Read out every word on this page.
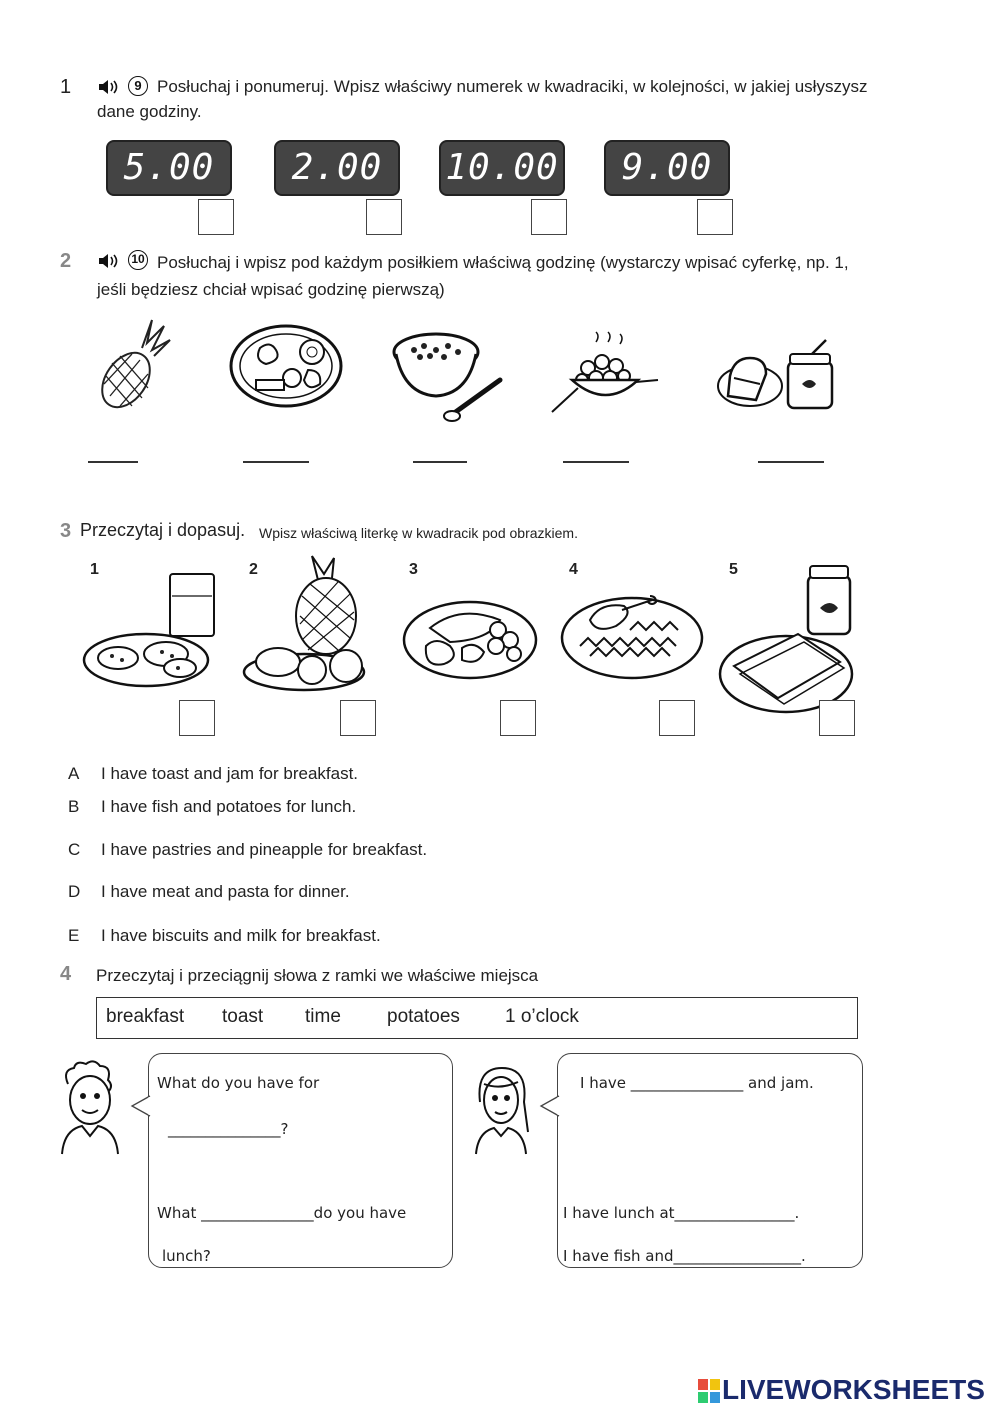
1	9 Posłuchaj i ponumeruj. Wpisz właściwy numerek w kwadraciki, w kolejności, w jakiej usłyszysz
dane godziny.
5.00	2.00	10.00	9.00
2	10 Posłuchaj i wpisz pod każdym posiłkiem właściwą godzinę (wystarczy wpisać cyferkę, np. 1,
jeśli będziesz chciał wpisać godzinę pierwszą)
3 Przeczytaj i dopasuj. Wpisz właściwą literkę w kwadracik pod obrazkiem.
1	2	3	4	5
A	I have toast and jam for breakfast.
B	I have fish and potatoes for lunch.
C	I have pastries and pineapple for breakfast.
D	I have meat and pasta for dinner.
E	I have biscuits and milk for breakfast.
4 Przeczytaj i przeciągnij słowa z ramki we właściwe miejsca
breakfast toast time potatoes 1 o’clock
What do you have for
_______________?
What _______________do you have
lunch?
I have _______________ and jam.
I have lunch at________________.
I have fish and_________________.
LIVEWORKSHEETS
